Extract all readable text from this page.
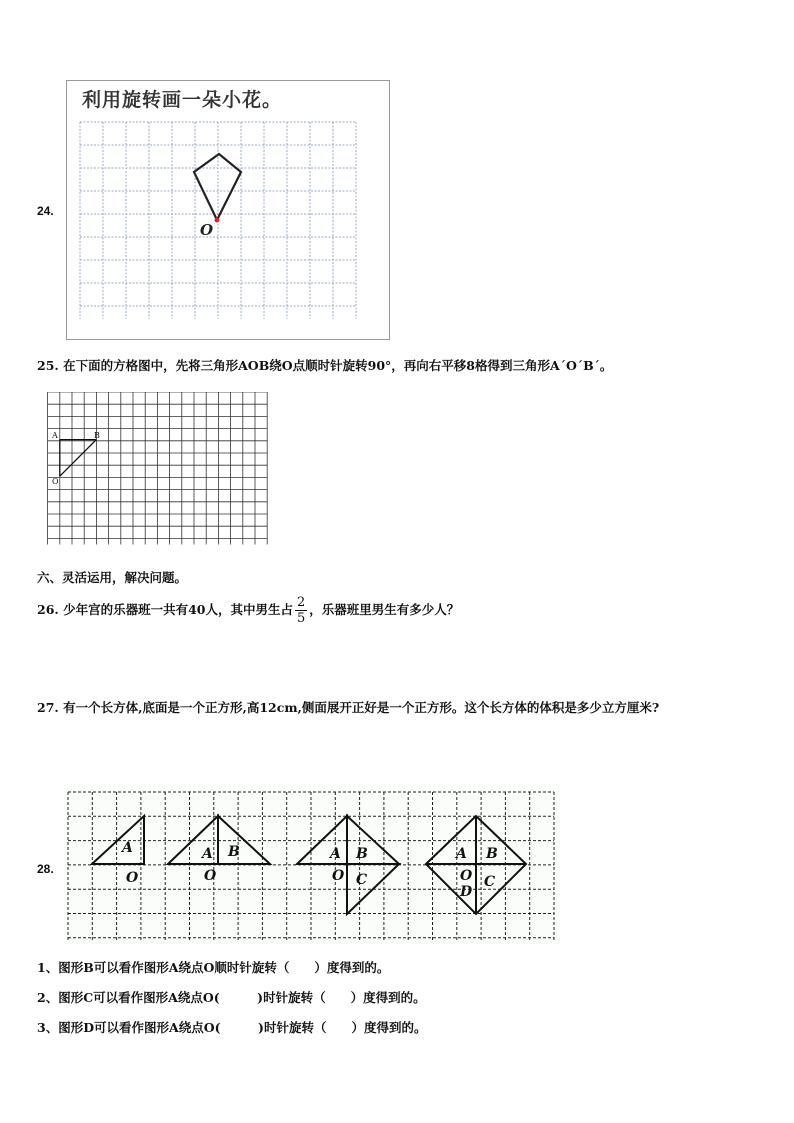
24.
利用旋转画一朵小花。
O
25. 在下面的方格图中，先将三角形AOB绕O点顺时针旋转90°，再向右平移8格得到三角形A´O´B´。
A	B
O
六、灵活运用，解决问题。
26. 少年宫的乐器班一共有40人，其中男生占 $\frac{2}{5}$ ，乐器班里男生有多少人？
27. 有一个长方体,底面是一个正方形,高12cm,侧面展开正好是一个正方形。这个长方体的体积是多少立方厘米?
28.
A
O
A B
O
A B
O C
A B
O C
D
1、图形B可以看作图形A绕点O顺时针旋转（　　）度得到的。
2、图形C可以看作图形A绕点O(　　　)时针旋转（　　）度得到的。
3、图形D可以看作图形A绕点O(　　　)时针旋转（　　）度得到的。
